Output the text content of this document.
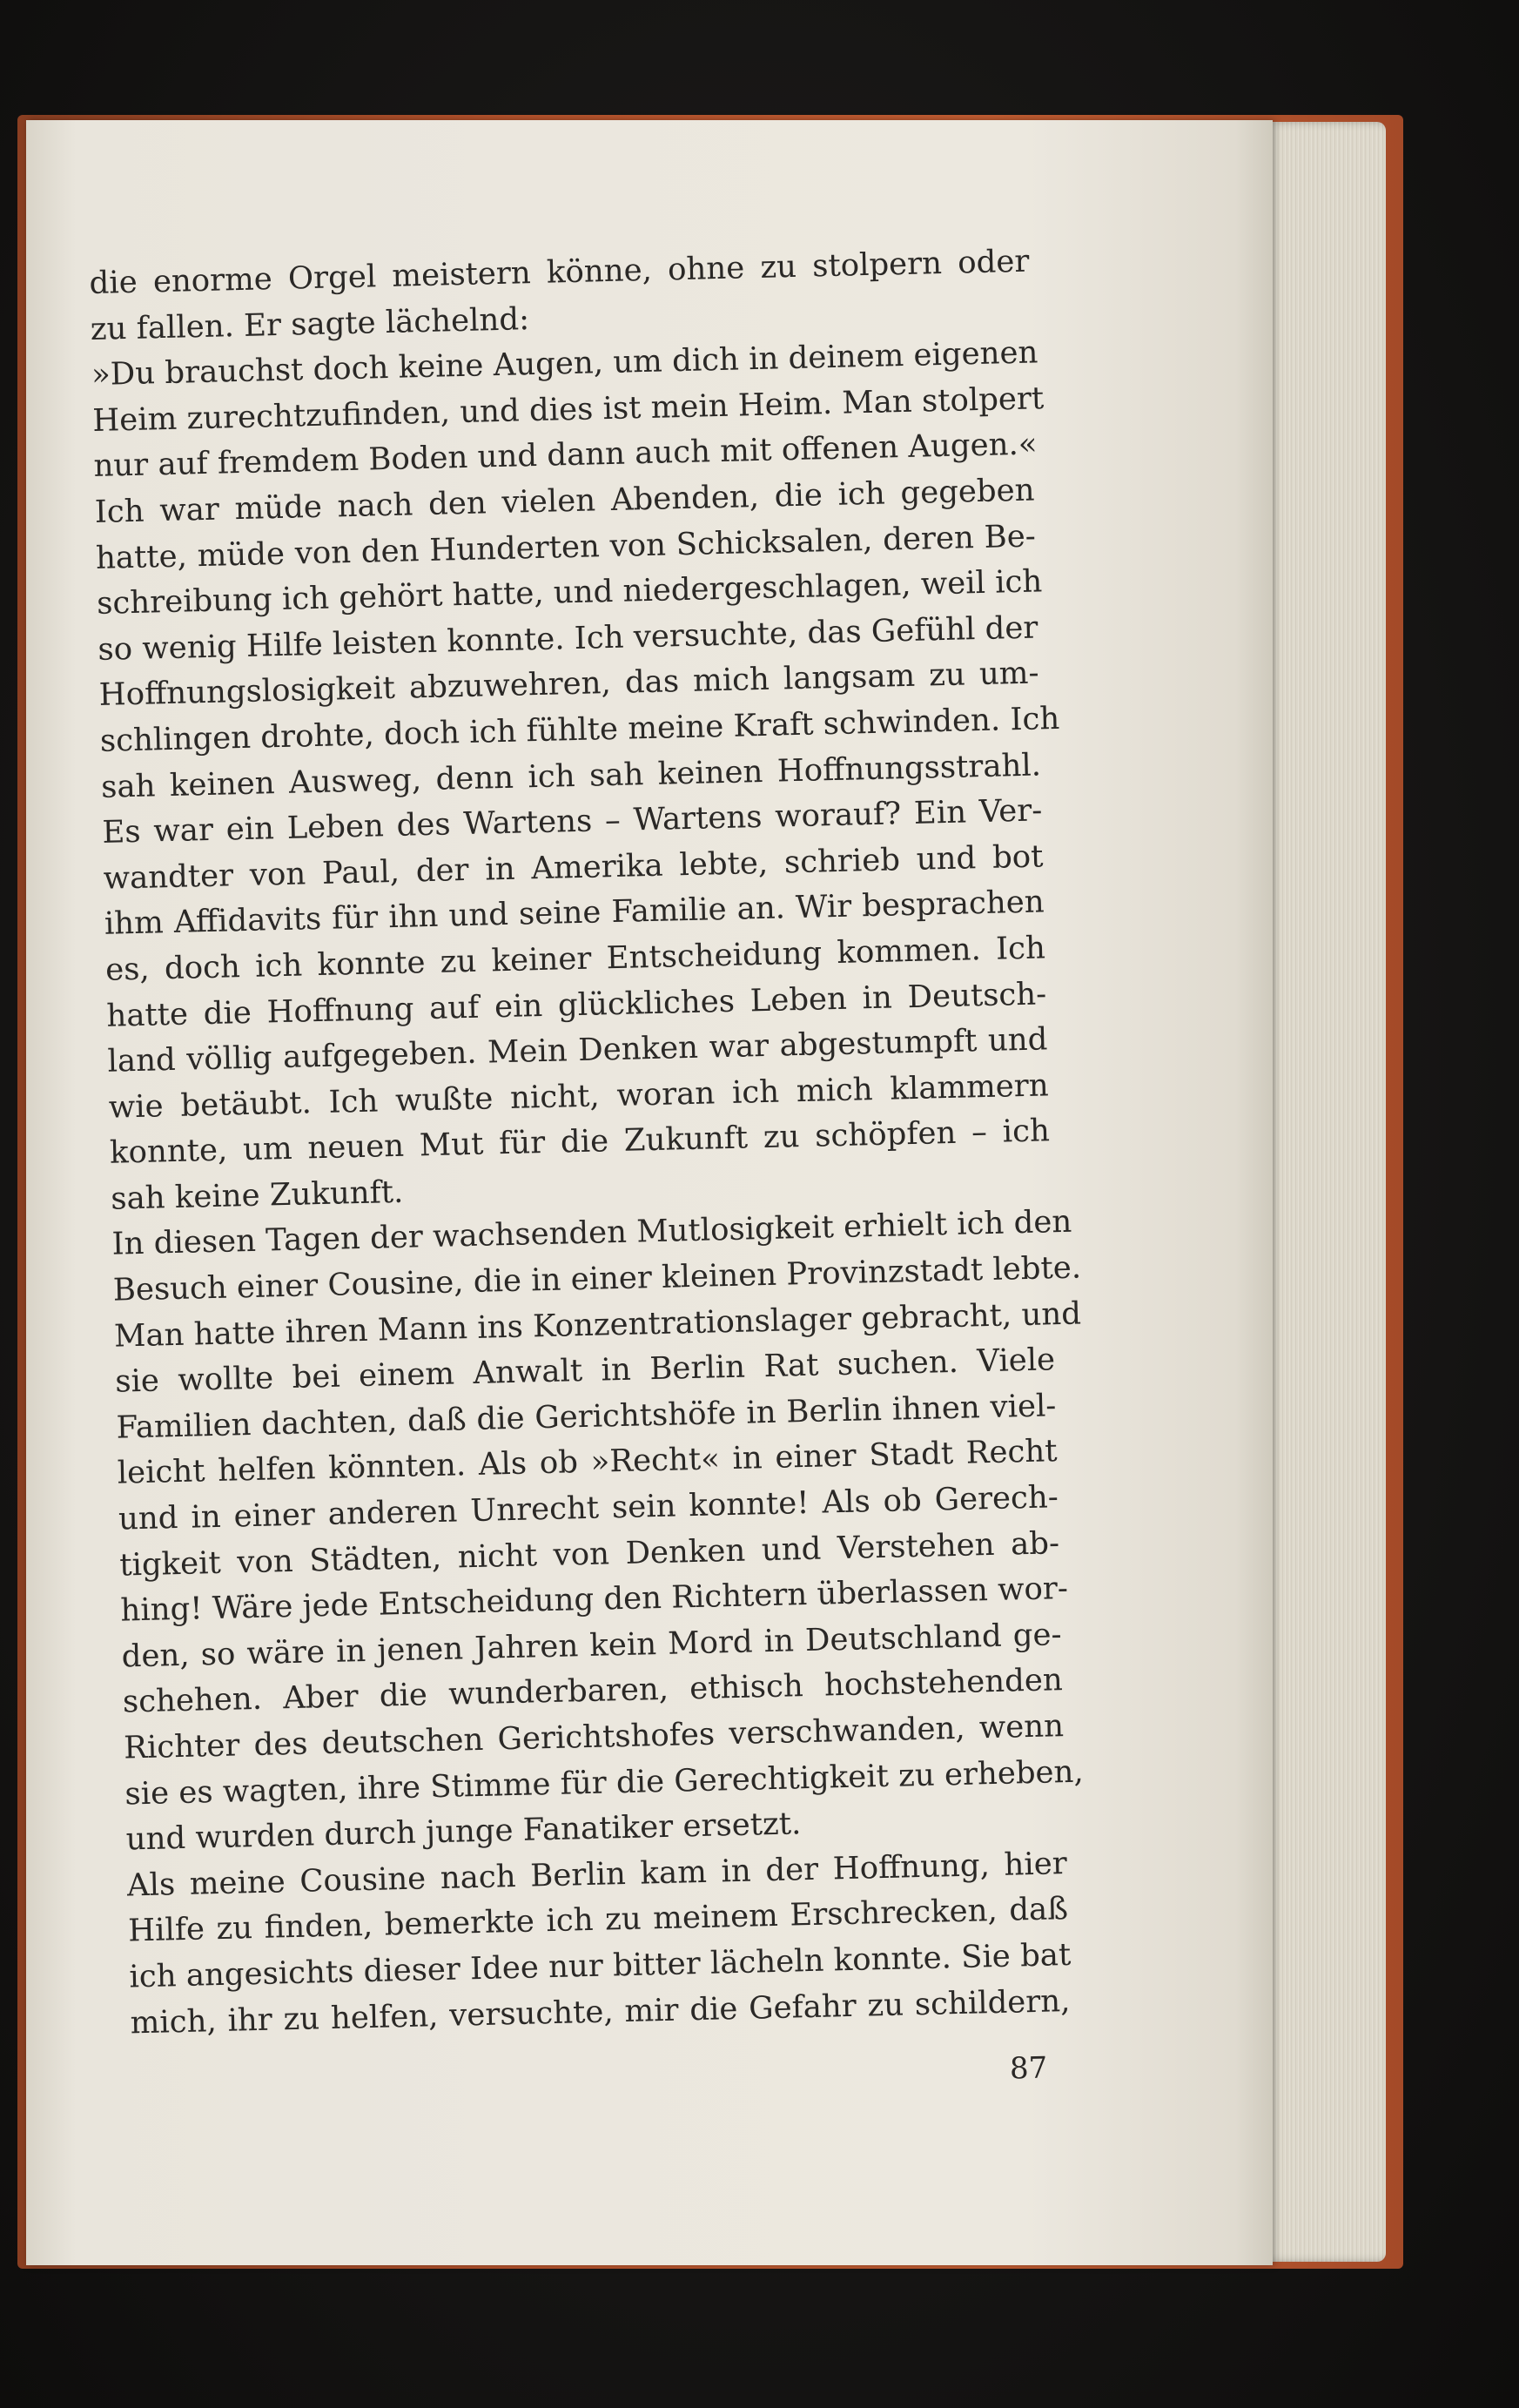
die enorme Orgel meistern könne, ohne zu stolpern oder
zu fallen. Er sagte lächelnd:
»Du brauchst doch keine Augen, um dich in deinem eigenen
Heim zurechtzufinden, und dies ist mein Heim. Man stolpert
nur auf fremdem Boden und dann auch mit offenen Augen.«
Ich war müde nach den vielen Abenden, die ich gegeben
hatte, müde von den Hunderten von Schicksalen, deren Be-
schreibung ich gehört hatte, und niedergeschlagen, weil ich
so wenig Hilfe leisten konnte. Ich versuchte, das Gefühl der
Hoffnungslosigkeit abzuwehren, das mich langsam zu um-
schlingen drohte, doch ich fühlte meine Kraft schwinden. Ich
sah keinen Ausweg, denn ich sah keinen Hoffnungsstrahl.
Es war ein Leben des Wartens – Wartens worauf? Ein Ver-
wandter von Paul, der in Amerika lebte, schrieb und bot
ihm Affidavits für ihn und seine Familie an. Wir besprachen
es, doch ich konnte zu keiner Entscheidung kommen. Ich
hatte die Hoffnung auf ein glückliches Leben in Deutsch-
land völlig aufgegeben. Mein Denken war abgestumpft und
wie betäubt. Ich wußte nicht, woran ich mich klammern
konnte, um neuen Mut für die Zukunft zu schöpfen – ich
sah keine Zukunft.
In diesen Tagen der wachsenden Mutlosigkeit erhielt ich den
Besuch einer Cousine, die in einer kleinen Provinzstadt lebte.
Man hatte ihren Mann ins Konzentrationslager gebracht, und
sie wollte bei einem Anwalt in Berlin Rat suchen. Viele
Familien dachten, daß die Gerichtshöfe in Berlin ihnen viel-
leicht helfen könnten. Als ob »Recht« in einer Stadt Recht
und in einer anderen Unrecht sein konnte! Als ob Gerech-
tigkeit von Städten, nicht von Denken und Verstehen ab-
hing! Wäre jede Entscheidung den Richtern überlassen wor-
den, so wäre in jenen Jahren kein Mord in Deutschland ge-
schehen. Aber die wunderbaren, ethisch hochstehenden
Richter des deutschen Gerichtshofes verschwanden, wenn
sie es wagten, ihre Stimme für die Gerechtigkeit zu erheben,
und wurden durch junge Fanatiker ersetzt.
Als meine Cousine nach Berlin kam in der Hoffnung, hier
Hilfe zu finden, bemerkte ich zu meinem Erschrecken, daß
ich angesichts dieser Idee nur bitter lächeln konnte. Sie bat
mich, ihr zu helfen, versuchte, mir die Gefahr zu schildern,
87
